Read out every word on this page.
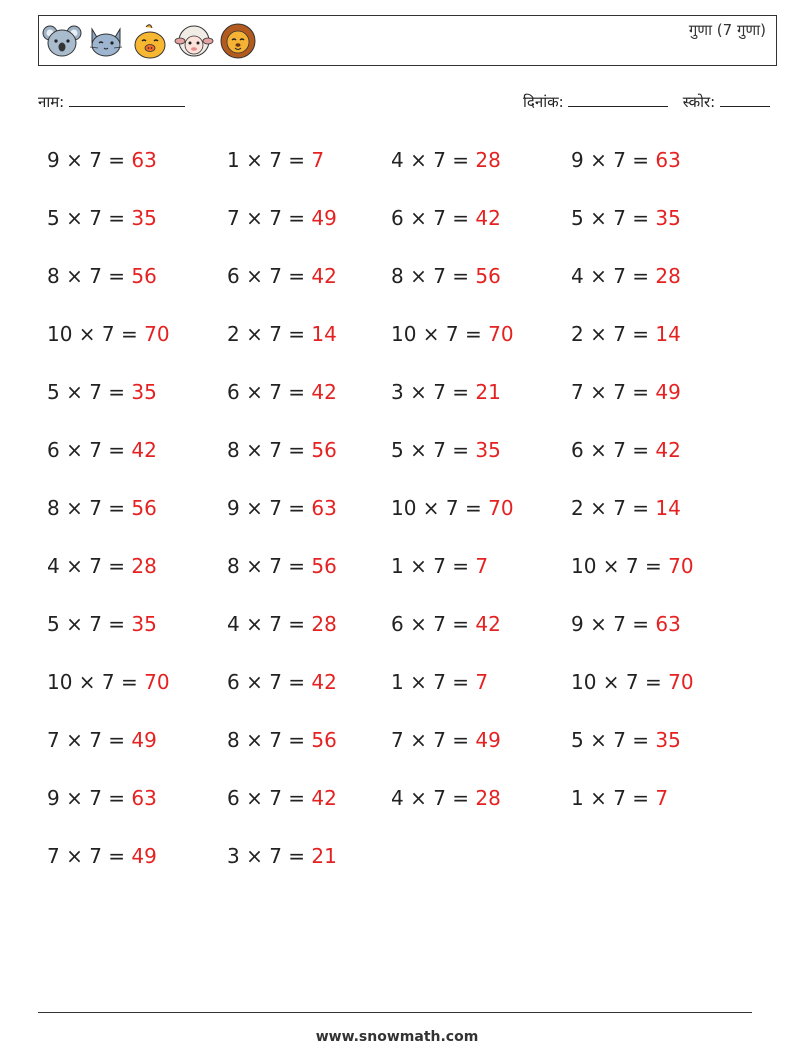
गुणा (7 गुणा)
नाम:	दिनांक:	स्कोर:
9 × 7 = 63
5 × 7 = 35
8 × 7 = 56
10 × 7 = 70
5 × 7 = 35
6 × 7 = 42
8 × 7 = 56
4 × 7 = 28
5 × 7 = 35
10 × 7 = 70
7 × 7 = 49
9 × 7 = 63
7 × 7 = 49
1 × 7 = 7
7 × 7 = 49
6 × 7 = 42
2 × 7 = 14
6 × 7 = 42
8 × 7 = 56
9 × 7 = 63
8 × 7 = 56
4 × 7 = 28
6 × 7 = 42
8 × 7 = 56
6 × 7 = 42
3 × 7 = 21
4 × 7 = 28
6 × 7 = 42
8 × 7 = 56
10 × 7 = 70
3 × 7 = 21
5 × 7 = 35
10 × 7 = 70
1 × 7 = 7
6 × 7 = 42
1 × 7 = 7
7 × 7 = 49
4 × 7 = 28
9 × 7 = 63
5 × 7 = 35
4 × 7 = 28
2 × 7 = 14
7 × 7 = 49
6 × 7 = 42
2 × 7 = 14
10 × 7 = 70
9 × 7 = 63
10 × 7 = 70
5 × 7 = 35
1 × 7 = 7
www.snowmath.com
